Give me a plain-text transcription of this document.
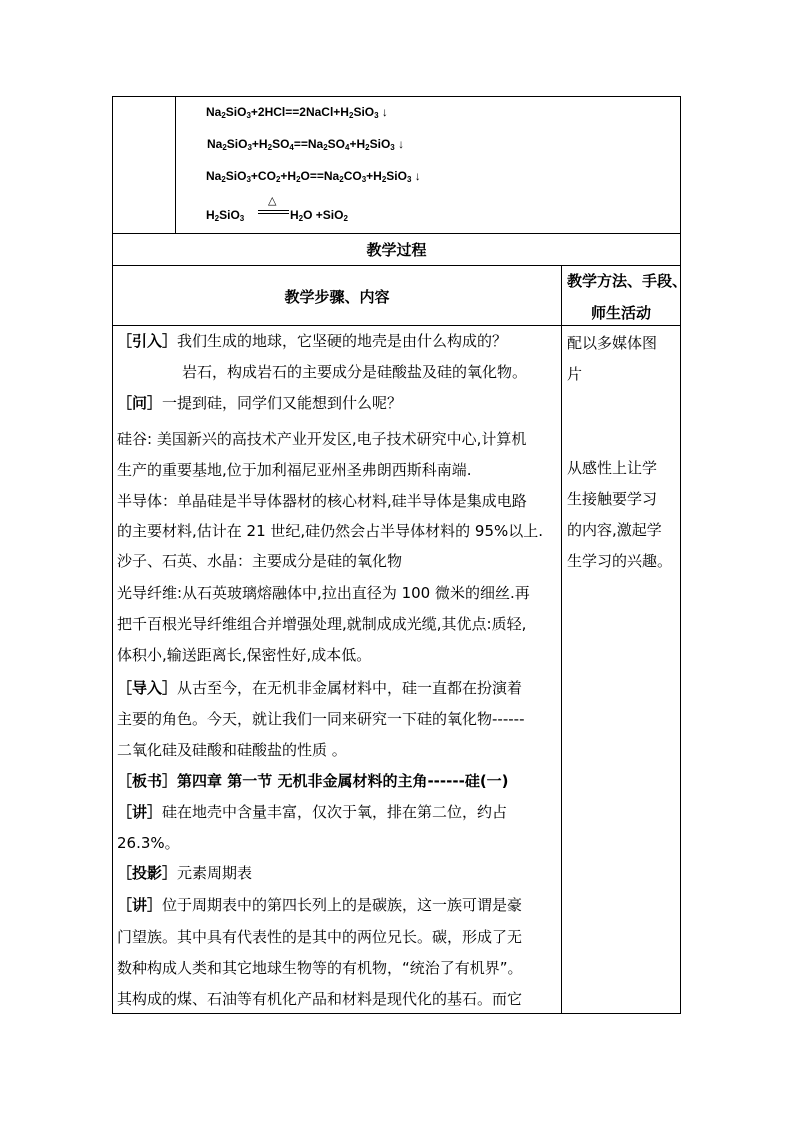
$Na_2SiO_3+2HCl==2NaCl+H_2SiO_3$ ↓
$Na_2SiO_3+H_2SO_4==Na_2SO_4+H_2SiO_3$ ↓
$Na_2SiO_3+CO_2+H_2O==Na_2CO_3+H_2SiO_3$ ↓
$H_2SiO_3$
△
$H_2O +SiO_2$
教学过程
教学步骤、内容
教学方法、手段、
师生活动
［引入］我们生成的地球，它坚硬的地壳是由什么构成的？
岩石，构成岩石的主要成分是硅酸盐及硅的氧化物。
［问］一提到硅，同学们又能想到什么呢？
硅谷: 美国新兴的高技术产业开发区,电子技术研究中心,计算机
生产的重要基地,位于加利福尼亚州圣弗朗西斯科南端.
半导体：单晶硅是半导体器材的核心材料,硅半导体是集成电路
的主要材料,估计在 21 世纪,硅仍然会占半导体材料的 95%以上.
沙子、石英、水晶：主要成分是硅的氧化物
光导纤维:从石英玻璃熔融体中,拉出直径为 100 微米的细丝.再
把千百根光导纤维组合并增强处理,就制成成光缆,其优点:质轻,
体积小,输送距离长,保密性好,成本低。
［导入］从古至今，在无机非金属材料中，硅一直都在扮演着
主要的角色。今天，就让我们一同来研究一下硅的氧化物------
二氧化硅及硅酸和硅酸盐的性质 。
［板书］第四章 第一节 无机非金属材料的主角------硅(一)
［讲］硅在地壳中含量丰富，仅次于氧，排在第二位，约占
26.3%。
［投影］元素周期表
［讲］位于周期表中的第四长列上的是碳族，这一族可谓是豪
门望族。其中具有代表性的是其中的两位兄长。碳，形成了无
数种构成人类和其它地球生物等的有机物，“统治了有机界”。
其构成的煤、石油等有机化产品和材料是现代化的基石。而它
配以多媒体图
片
从感性上让学
生接触要学习
的内容,激起学
生学习的兴趣。
